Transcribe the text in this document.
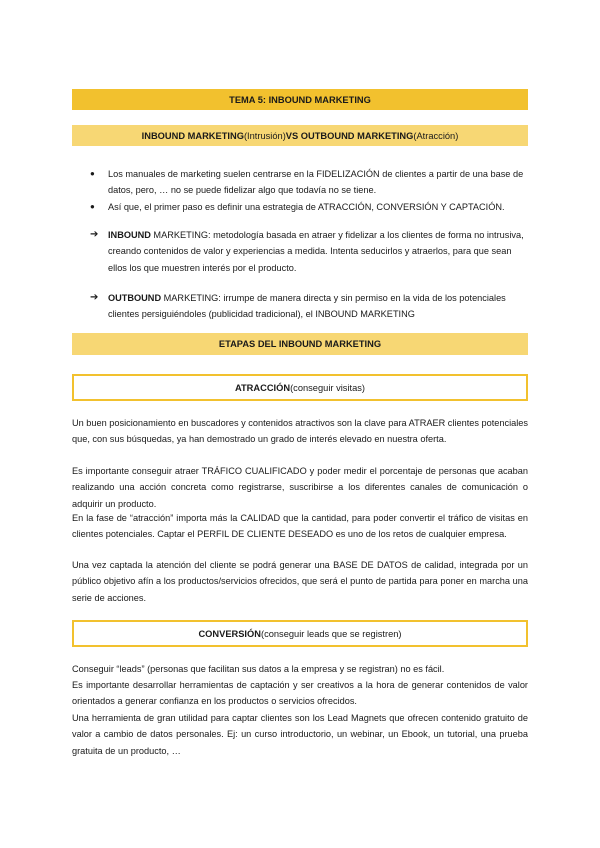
TEMA 5: INBOUND MARKETING
INBOUND MARKETING (Intrusión) VS OUTBOUND MARKETING (Atracción)
● Los manuales de marketing suelen centrarse en la FIDELIZACIÓN de clientes a partir de una base de datos, pero, … no se puede fidelizar algo que todavía no se tiene.
● Así que, el primer paso es definir una estrategia de ATRACCIÓN, CONVERSIÓN Y CAPTACIÓN.
➔ INBOUND MARKETING: metodología basada en atraer y fidelizar a los clientes de forma no intrusiva, creando contenidos de valor y experiencias a medida. Intenta seducirlos y atraerlos, para que sean ellos los que muestren interés por el producto.
➔ OUTBOUND MARKETING: irrumpe de manera directa y sin permiso en la vida de los potenciales clientes persiguiéndoles (publicidad tradicional), el INBOUND MARKETING
ETAPAS DEL INBOUND MARKETING
ATRACCIÓN (conseguir visitas)

Un buen posicionamiento en buscadores y contenidos atractivos son la clave para ATRAER clientes potenciales que, con sus búsquedas, ya han demostrado un grado de interés elevado en nuestra oferta.

Es importante conseguir atraer TRÁFICO CUALIFICADO y poder medir el porcentaje de personas que acaban realizando una acción concreta como registrarse, suscribirse a los diferentes canales de comunicación o adquirir un producto.

En la fase de “atracción” importa más la CALIDAD que la cantidad, para poder convertir el tráfico de visitas en clientes potenciales. Captar el PERFIL DE CLIENTE DESEADO es uno de los retos de cualquier empresa.

Una vez captada la atención del cliente se podrá generar una BASE DE DATOS de calidad, integrada por un público objetivo afín a los productos/servicios ofrecidos, que será el punto de partida para poner en marcha una serie de acciones.

CONVERSIÓN (conseguir leads que se registren)

Conseguir “leads” (personas que facilitan sus datos a la empresa y se registran) no es fácil.

Es importante desarrollar herramientas de captación y ser creativos a la hora de generar contenidos de valor orientados a generar confianza en los productos o servicios ofrecidos.

Una herramienta de gran utilidad para captar clientes son los Lead Magnets que ofrecen contenido gratuito de valor a cambio de datos personales. Ej: un curso introductorio, un webinar, un Ebook, un tutorial, una prueba gratuita de un producto, …
